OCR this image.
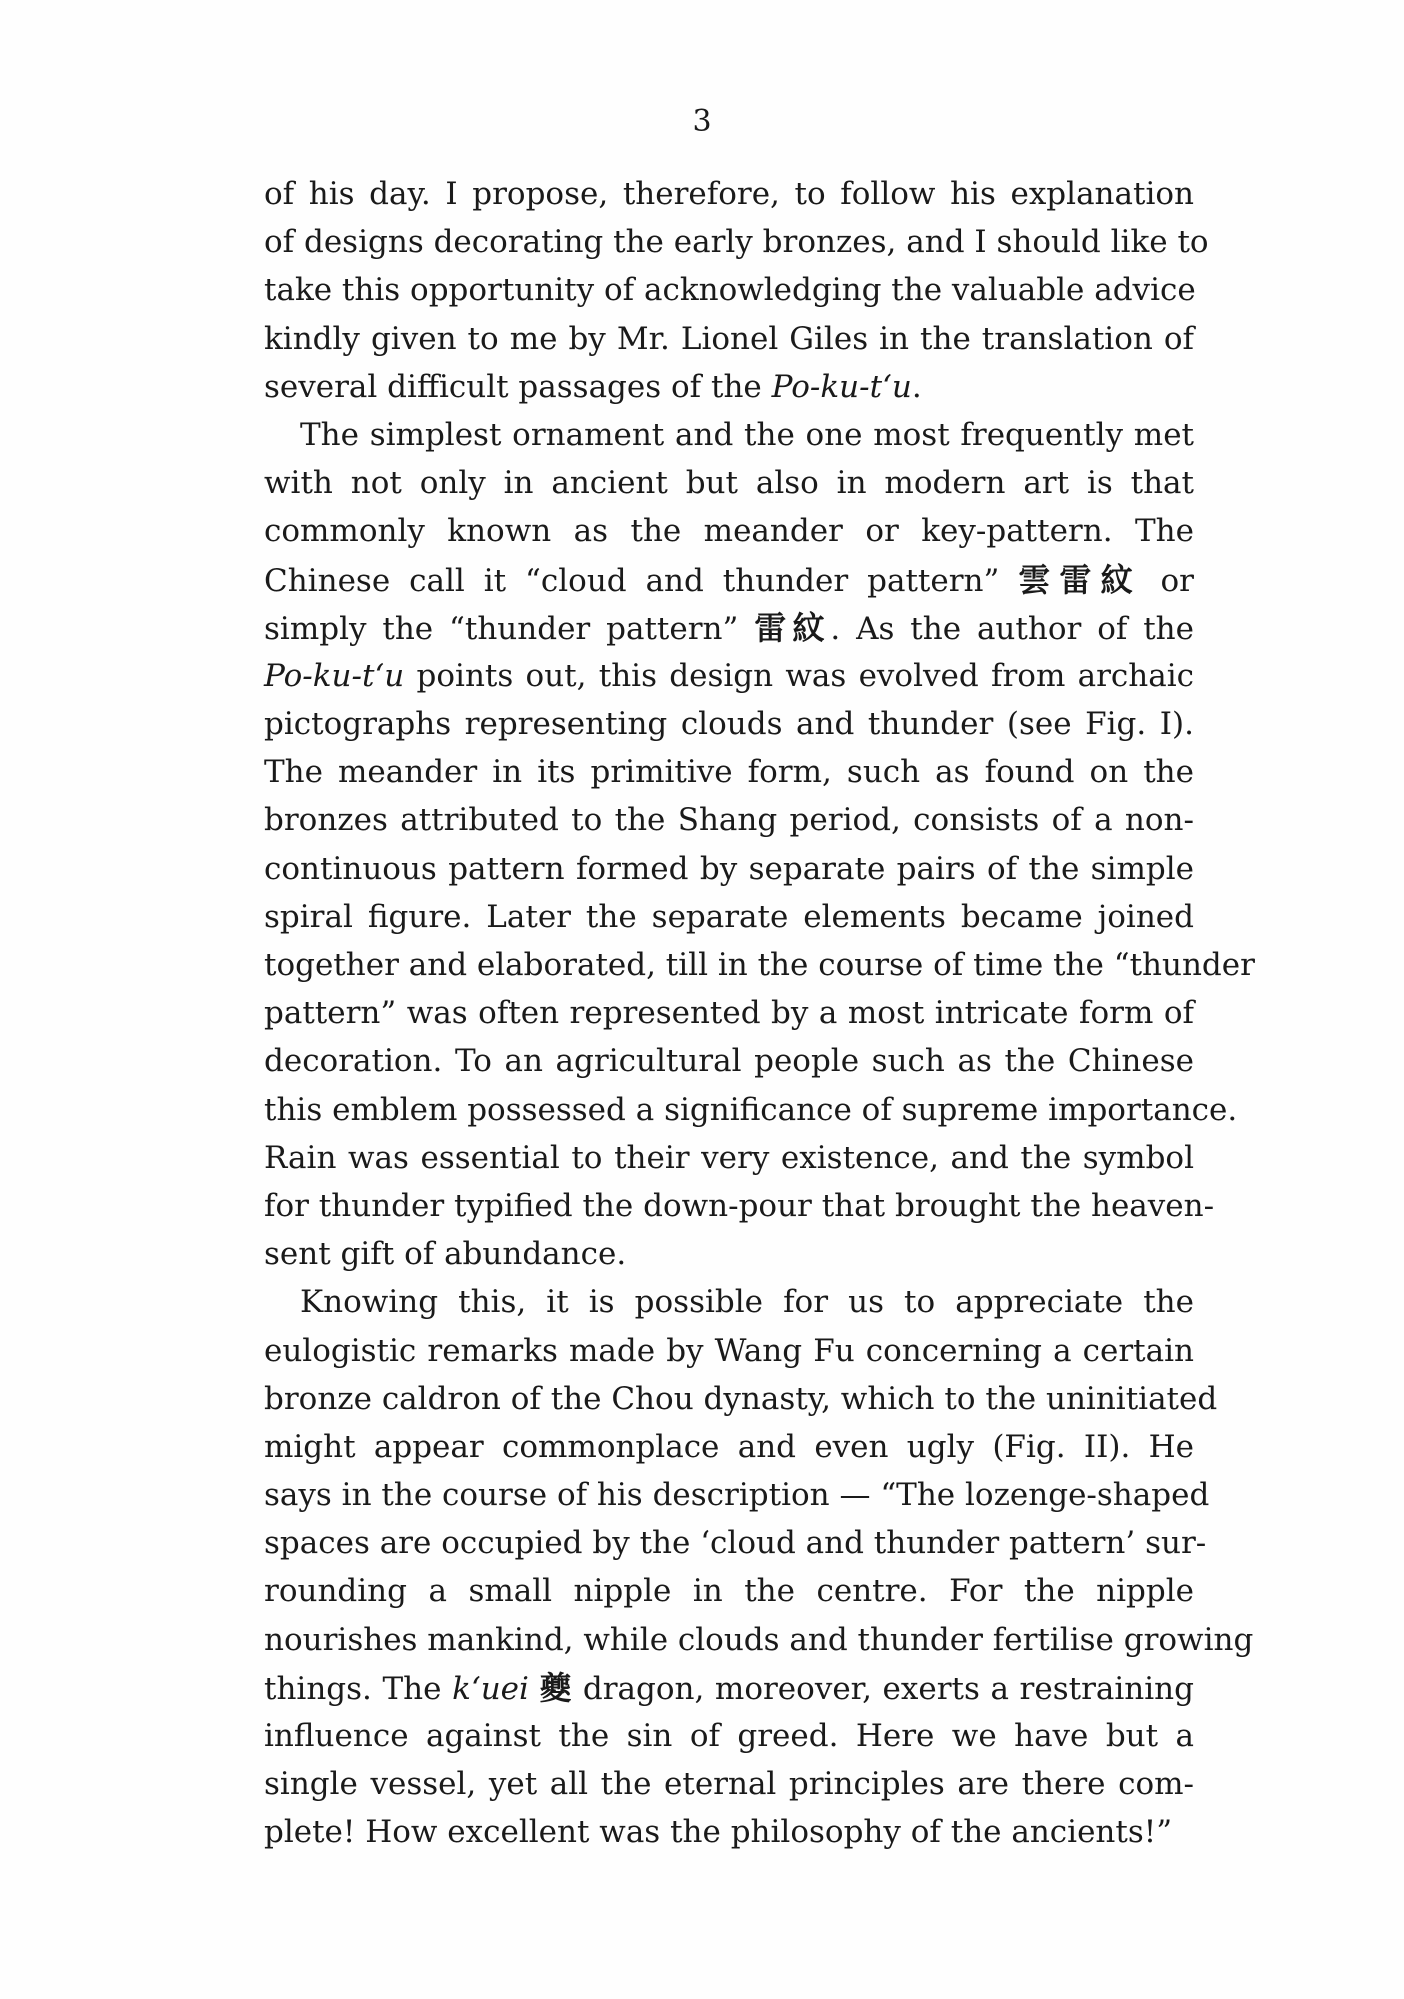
3
of his day. I propose, therefore, to follow his explanation
of designs decorating the early bronzes, and I should like to
take this opportunity of acknowledging the valuable advice
kindly given to me by Mr. Lionel Giles in the translation of
several difficult passages of the Po-ku-t‘u.
The simplest ornament and the one most frequently met
with not only in ancient but also in modern art is that
commonly known as the meander or key-pattern. The
Chinese call it “cloud and thunder pattern” 雲雷紋 or
simply the “thunder pattern” 雷紋. As the author of the
Po-ku-t‘u points out, this design was evolved from archaic
pictographs representing clouds and thunder (see Fig. I).
The meander in its primitive form, such as found on the
bronzes attributed to the Shang period, consists of a non-
continuous pattern formed by separate pairs of the simple
spiral figure. Later the separate elements became joined
together and elaborated, till in the course of time the “thunder
pattern” was often represented by a most intricate form of
decoration. To an agricultural people such as the Chinese
this emblem possessed a significance of supreme importance.
Rain was essential to their very existence, and the symbol
for thunder typified the down-pour that brought the heaven-
sent gift of abundance.
Knowing this, it is possible for us to appreciate the
eulogistic remarks made by Wang Fu concerning a certain
bronze caldron of the Chou dynasty, which to the uninitiated
might appear commonplace and even ugly (Fig. II). He
says in the course of his description — “The lozenge-shaped
spaces are occupied by the ‘cloud and thunder pattern’ sur-
rounding a small nipple in the centre. For the nipple
nourishes mankind, while clouds and thunder fertilise growing
things. The k‘uei 夔 dragon, moreover, exerts a restraining
influence against the sin of greed. Here we have but a
single vessel, yet all the eternal principles are there com-
plete! How excellent was the philosophy of the ancients!”
